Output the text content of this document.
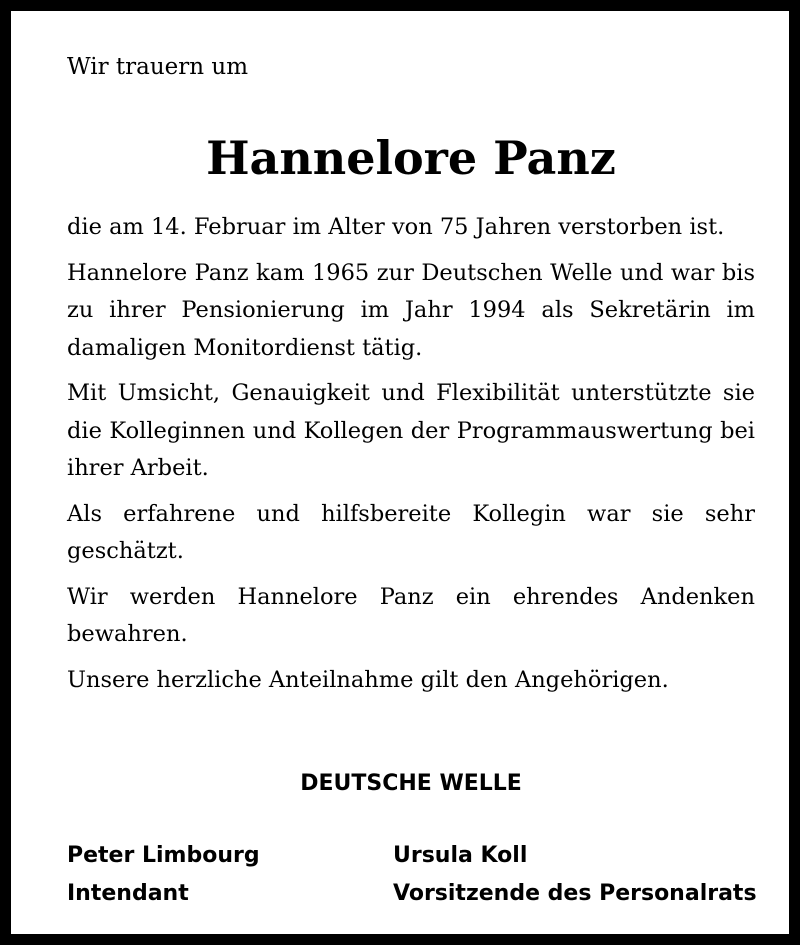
Wir trauern um

Hannelore Panz

die am 14. Februar im Alter von 75 Jahren verstorben ist.

Hannelore Panz kam 1965 zur Deutschen Welle und war bis zu ihrer Pensionierung im Jahr 1994 als Sekretärin im damaligen Monitordienst tätig.

Mit Umsicht, Genauigkeit und Flexibilität unterstützte sie die Kolleginnen und Kollegen der Programmauswertung bei ihrer Arbeit.

Als erfahrene und hilfsbereite Kollegin war sie sehr geschätzt.

Wir werden Hannelore Panz ein ehrendes Andenken bewahren.

Unsere herzliche Anteilnahme gilt den Angehörigen.

DEUTSCHE WELLE

Peter Limbourg
Intendant
Ursula Koll
Vorsitzende des Personalrats
